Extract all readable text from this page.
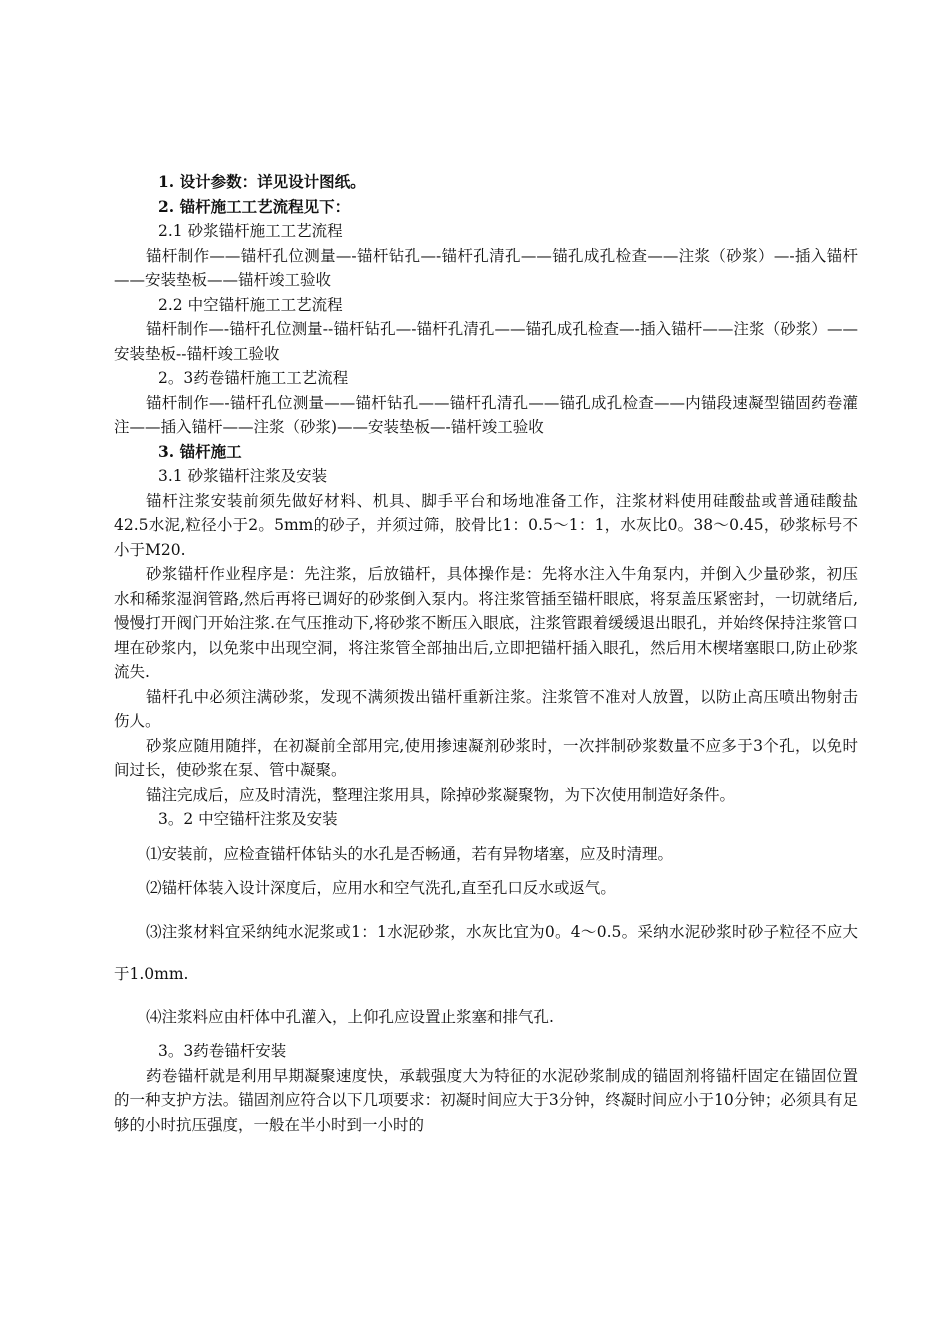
1. 设计参数：详见设计图纸。
2. 锚杆施工工艺流程见下：
2.1 砂浆锚杆施工工艺流程
锚杆制作——锚杆孔位测量—-锚杆钻孔—-锚杆孔清孔——锚孔成孔检查——注浆（砂浆）—-插入锚杆——安装垫板——锚杆竣工验收
2.2 中空锚杆施工工艺流程
锚杆制作—-锚杆孔位测量--锚杆钻孔—-锚杆孔清孔——锚孔成孔检查—-插入锚杆——注浆（砂浆）——安装垫板--锚杆竣工验收
2。3药卷锚杆施工工艺流程
锚杆制作—-锚杆孔位测量——锚杆钻孔——锚杆孔清孔——锚孔成孔检查——内锚段速凝型锚固药卷灌注——插入锚杆——注浆（砂浆)——安装垫板—-锚杆竣工验收
3. 锚杆施工
3.1 砂浆锚杆注浆及安装
锚杆注浆安装前须先做好材料、机具、脚手平台和场地准备工作，注浆材料使用硅酸盐或普通硅酸盐42.5水泥,粒径小于2。5mm的砂子，并须过筛，胶骨比1：0.5～1：1，水灰比0。38～0.45，砂浆标号不小于M20.
砂浆锚杆作业程序是：先注浆，后放锚杆，具体操作是：先将水注入牛角泵内，并倒入少量砂浆，初压水和稀浆湿润管路,然后再将已调好的砂浆倒入泵内。将注浆管插至锚杆眼底，将泵盖压紧密封，一切就绪后,慢慢打开阀门开始注浆.在气压推动下,将砂浆不断压入眼底，注浆管跟着缓缓退出眼孔，并始终保持注浆管口埋在砂浆内，以免浆中出现空洞，将注浆管全部抽出后,立即把锚杆插入眼孔，然后用木楔堵塞眼口,防止砂浆流失.
锚杆孔中必须注满砂浆，发现不满须拨出锚杆重新注浆。注浆管不准对人放置，以防止高压喷出物射击伤人。
砂浆应随用随拌，在初凝前全部用完,使用掺速凝剂砂浆时，一次拌制砂浆数量不应多于3个孔，以免时间过长，使砂浆在泵、管中凝聚。
锚注完成后，应及时清洗，整理注浆用具，除掉砂浆凝聚物，为下次使用制造好条件。
3。2 中空锚杆注浆及安装
⑴安装前，应检查锚杆体钻头的水孔是否畅通，若有异物堵塞，应及时清理。
⑵锚杆体装入设计深度后，应用水和空气洗孔,直至孔口反水或返气。
⑶注浆材料宜采纳纯水泥浆或1：1水泥砂浆，水灰比宜为0。4～0.5。采纳水泥砂浆时砂子粒径不应大于1.0mm.
⑷注浆料应由杆体中孔灌入，上仰孔应设置止浆塞和排气孔.
3。3药卷锚杆安装
药卷锚杆就是利用早期凝聚速度快，承载强度大为特征的水泥砂浆制成的锚固剂将锚杆固定在锚固位置的一种支护方法。锚固剂应符合以下几项要求：初凝时间应大于3分钟，终凝时间应小于10分钟；必须具有足够的小时抗压强度，一般在半小时到一小时的
